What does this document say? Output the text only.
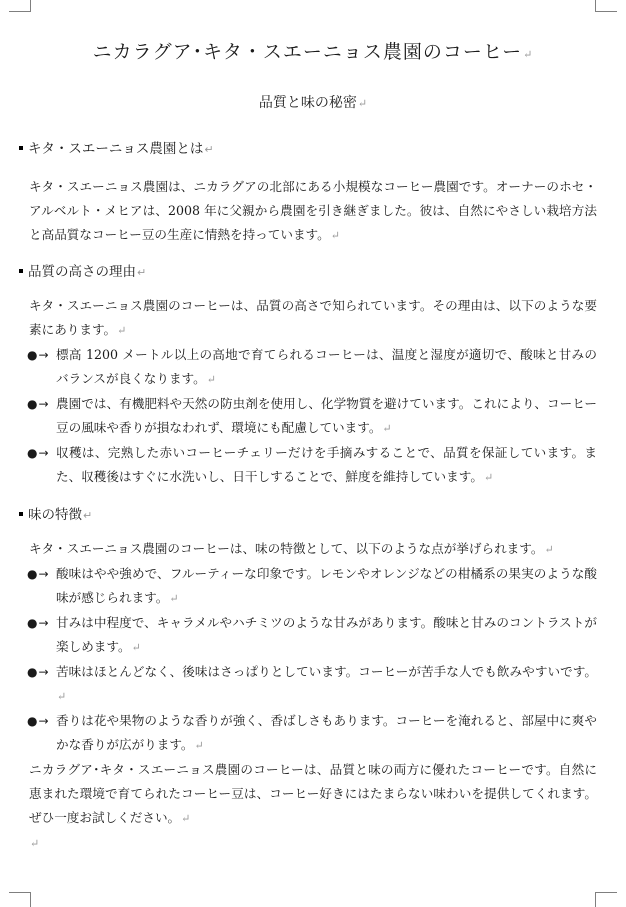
ニカラグア･キタ・スエーニョス農園のコーヒー↵
品質と味の秘密↵
キタ・スエーニョス農園とは↵
キタ・スエーニョス農園は、ニカラグアの北部にある小規模なコーヒー農園です。オーナーのホセ・アルベルト・メヒアは、2008 年に父親から農園を引き継ぎました。彼は、自然にやさしい栽培方法と高品質なコーヒー豆の生産に情熱を持っています。↵
品質の高さの理由↵
キタ・スエーニョス農園のコーヒーは、品質の高さで知られています。その理由は、以下のような要素にあります。↵
●→ 標高 1200 メートル以上の高地で育てられるコーヒーは、温度と湿度が適切で、酸味と甘みのバランスが良くなります。↵
●→ 農園では、有機肥料や天然の防虫剤を使用し、化学物質を避けています。これにより、コーヒー豆の風味や香りが損なわれず、環境にも配慮しています。↵
●→ 収穫は、完熟した赤いコーヒーチェリーだけを手摘みすることで、品質を保証しています。また、収穫後はすぐに水洗いし、日干しすることで、鮮度を維持しています。↵
味の特徴↵
キタ・スエーニョス農園のコーヒーは、味の特徴として、以下のような点が挙げられます。↵
●→ 酸味はやや強めで、フルーティーな印象です。レモンやオレンジなどの柑橘系の果実のような酸味が感じられます。↵
●→ 甘みは中程度で、キャラメルやハチミツのような甘みがあります。酸味と甘みのコントラストが楽しめます。↵
●→ 苦味はほとんどなく、後味はさっぱりとしています。コーヒーが苦手な人でも飲みやすいです。↵
●→ 香りは花や果物のような香りが強く、香ばしさもあります。コーヒーを淹れると、部屋中に爽やかな香りが広がります。↵
ニカラグア･キタ・スエーニョス農園のコーヒーは、品質と味の両方に優れたコーヒーです。自然に恵まれた環境で育てられたコーヒー豆は、コーヒー好きにはたまらない味わいを提供してくれます。ぜひ一度お試しください。↵
↵
